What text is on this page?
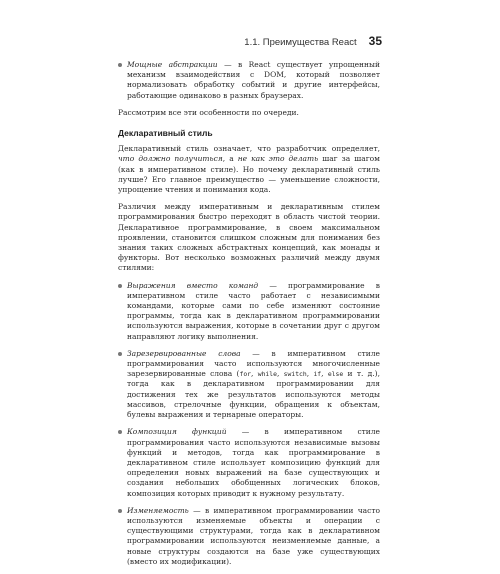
1.1. Преимущества React 35
Мощные абстракции — в React существует упрощенный механизм взаимодействия с DOM, который позволяет нормализовать обработку событий и другие интерфейсы, работающие одинаково в разных браузерах.

Рассмотрим все эти особенности по очереди.

Декларативный стиль

Декларативный стиль означает, что разработчик определяет, что должно получиться, а не как это делать шаг за шагом (как в императивном стиле). Но почему декларативный стиль лучше? Его главное преимущество — уменьшение сложности, упрощение чтения и понимания кода.

Различия между императивным и декларативным стилем программирования быстро переходят в область чистой теории. Декларативное программирование, в своем максимальном проявлении, становится слишком сложным для понимания без знания таких сложных абстрактных концепций, как монады и функторы. Вот несколько возможных различий между двумя стилями:

Выражения вместо команд — программирование в императивном стиле часто работает с независимыми командами, которые сами по себе изменяют состояние программы, тогда как в декларативном программировании используются выражения, которые в сочетании друг с другом направляют логику выполнения.
Зарезервированные слова — в императивном стиле программирования часто используются многочисленные зарезервированные слова (for, while, switch, if, else и т. д.), тогда как в декларативном программировании для достижения тех же результатов используются методы массивов, стрелочные функции, обращения к объектам, булевы выражения и тернарные операторы.
Композиция функций — в императивном стиле программирования часто используются независимые вызовы функций и методов, тогда как программирование в декларативном стиле использует композицию функций для определения новых выражений на базе существующих и создания небольших обобщенных логических блоков, композиция которых приводит к нужному результату.
Изменяемость — в императивном программировании часто используются изменяемые объекты и операции с существующими структурами, тогда как в декларативном программировании используются неизменяемые данные, а новые структуры создаются на базе уже существующих (вместо их модификации).
